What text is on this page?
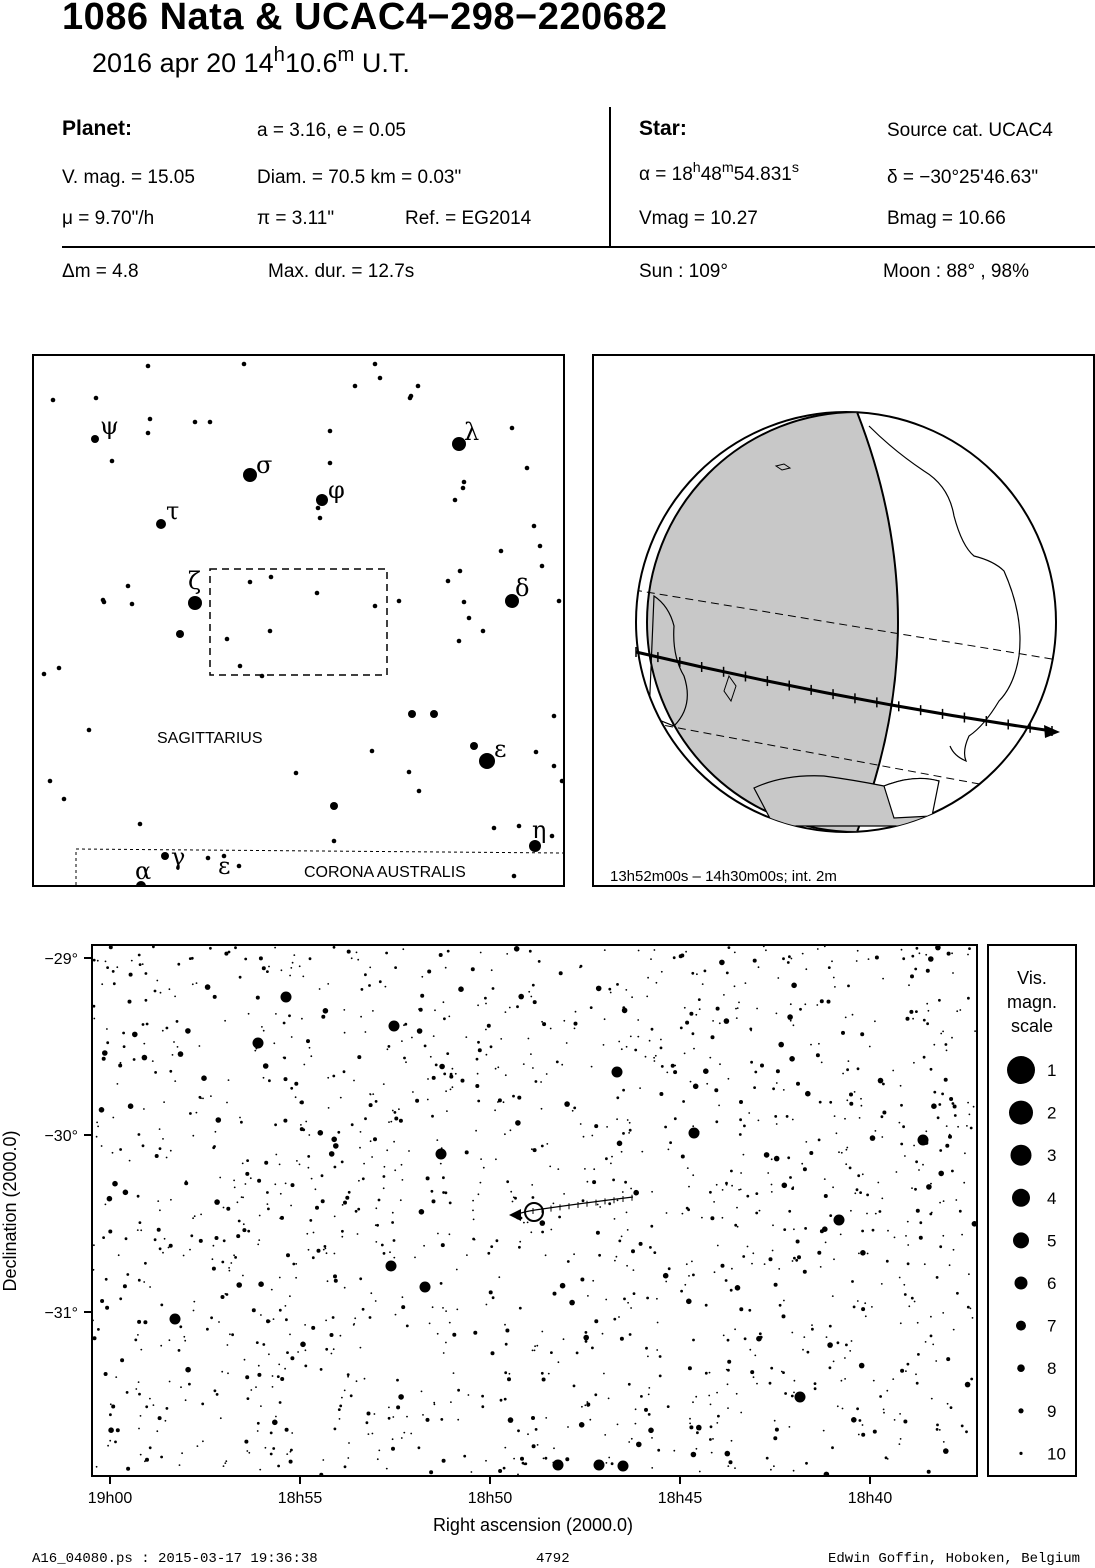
1086 Nata & UCAC4−298−220682
2016 apr 20 14$^h$10.6$^m$ U.T.
Planet:	a = 3.16, e = 0.05
V. mag. = 15.05	Diam. = 70.5 km = 0.03"
μ = 9.70"/h	π = 3.11"	Ref. = EG2014
Star:	Source cat. UCAC4
$\alpha = 18^h48^m54.831^s$	δ = −30°25'46.63"
Vmag = 10.27	Bmag = 10.66
Δm = 4.8	Max. dur. = 12.7s	Sun : 109°	Moon : 88° , 98%
ψ
σ
λ
φ
τ
ζ	δ
ε
η
α γ ε
SAGITTARIUS
CORONA AUSTRALIS	13h52m00s – 14h30m00s; int. 2m
−29°
−30°
−31°
19h00	18h55	18h50	18h45	18h40
Right ascension (2000.0)
Declination (2000.0)
Vis.
magn.
scale
1
2
3
4
5
6
7
8
9
10
A16_04080.ps : 2015-03-17 19:36:38	4792	Edwin Goffin, Hoboken, Belgium
